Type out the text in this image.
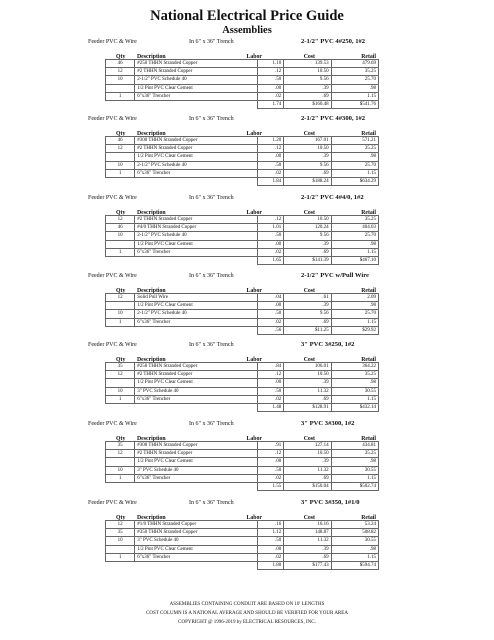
National Electrical Price Guide
Assemblies
Feeder PVC & Wire	In 6" x 36" Trench	2-1/2" PVC 4#250, 1#2
Qty	Description	Labor	Cost	Retail
46	#250 THHN Stranded Copper	1.10	139.53	479.69
12	#2 THHN Stranded Copper	.12	10.50	35.25
10	2-1/2" PVC Schedule 40	.50	9.56	25.70
	1/2 Pint PVC Clear Cement	.00	.39	.98
1	6"x36" Trencher	.02	.69	1.15
		1.74	$160.48	$541.76
Feeder PVC & Wire	In 6" x 36" Trench	2-1/2" PVC 4#300, 1#2
Qty	Description	Labor	Cost	Retail
46	#300 THHN Stranded Copper	1.20	167.01	571.21
12	#2 THHN Stranded Copper	.12	10.50	35.25
	1/2 Pint PVC Clear Cement	.00	.39	.98
10	2-1/2" PVC Schedule 40	.50	9.56	25.70
1	6"x36" Trencher	.02	.69	1.15
		1.84	$188.24	$634.29
Feeder PVC & Wire	In 6" x 36" Trench	2-1/2" PVC 4#4/0, 1#2
Qty	Description	Labor	Cost	Retail
12	#2 THHN Stranded Copper	.12	10.50	35.25
46	#4/0 THHN Stranded Copper	1.01	120.24	404.03
10	2-1/2" PVC Schedule 40	.50	9.56	25.70
	1/2 Pint PVC Clear Cement	.00	.39	.98
1	6"x36" Trencher	.02	.69	1.15
		1.65	$141.39	$467.10
Feeder PVC & Wire	In 6" x 36" Trench	2-1/2" PVC w/Pull Wire
Qty	Description	Labor	Cost	Retail
12	Solid Pull Wire	.04	.61	2.09
	1/2 Pint PVC Clear Cement	.00	.39	.98
10	2-1/2" PVC Schedule 40	.50	9.56	25.70
1	6"x36" Trencher	.02	.69	1.15
		.56	$11.25	$29.92
Feeder PVC & Wire	In 6" x 36" Trench	3" PVC 3#250, 1#2
Qty	Description	Labor	Cost	Retail
35	#250 THHN Stranded Copper	.84	106.01	364.22
12	#2 THHN Stranded Copper	.12	10.50	35.25
	1/2 Pint PVC Clear Cement	.00	.39	.98
10	3" PVC Schedule 40	.50	11.32	30.55
1	6"x36" Trencher	.02	.69	1.15
		1.48	$128.91	$432.14
Feeder PVC & Wire	In 6" x 36" Trench	3" PVC 3#300, 1#2
Qty	Description	Labor	Cost	Retail
35	#300 THHN Stranded Copper	.91	127.14	434.81
12	#2 THHN Stranded Copper	.12	10.50	35.25
	1/2 Pint PVC Clear Cement	.00	.39	.98
10	3" PVC Schedule 40	.50	11.32	30.55
1	6"x36" Trencher	.02	.69	1.15
		1.55	$150.04	$502.74
Feeder PVC & Wire	In 6" x 36" Trench	3" PVC 3#350, 1#1/0
Qty	Description	Labor	Cost	Retail
12	#1/0 THHN Stranded Copper	.16	16.16	53.24
35	#350 THHN Stranded Copper	1.12	148.87	508.82
10	3" PVC Schedule 40	.50	11.32	30.55
	1/2 Pint PVC Clear Cement	.00	.39	.98
1	6"x36" Trencher	.02	.69	1.15
		1.80	$177.43	$594.74
ASSEMBLIES CONTAINING CONDUIT ARE BASED ON 10' LENGTHS
COST COLUMN IS A NATIONAL AVERAGE AND SHOULD BE VERIFIED FOR YOUR AREA
COPYRIGHT @ 1996-2019 by ELECTRICAL RESOURCES, INC.
